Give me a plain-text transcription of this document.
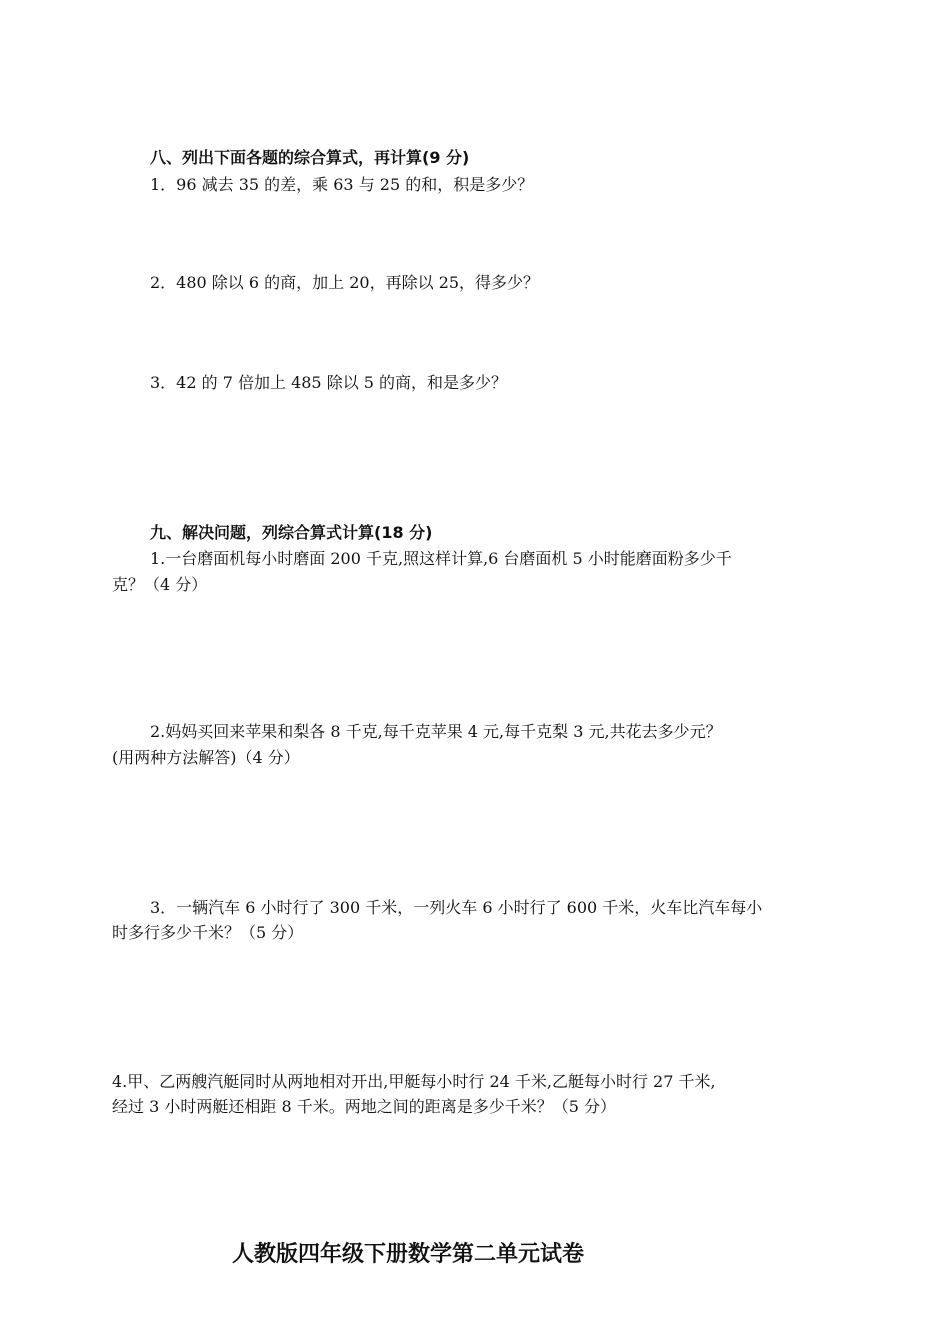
八、列出下面各题的综合算式，再计算(9 分)
1．96 减去 35 的差，乘 63 与 25 的和，积是多少？
2．480 除以 6 的商，加上 20，再除以 25，得多少？
3．42 的 7 倍加上 485 除以 5 的商，和是多少？
九、解决问题，列综合算式计算(18 分)
1.一台磨面机每小时磨面 200 千克,照这样计算,6 台磨面机 5 小时能磨面粉多少千
克？（4 分）
2.妈妈买回来苹果和梨各 8 千克,每千克苹果 4 元,每千克梨 3 元,共花去多少元？
(用两种方法解答)（4 分）
3．一辆汽车 6 小时行了 300 千米，一列火车 6 小时行了 600 千米，火车比汽车每小
时多行多少千米？（5 分）
4.甲、乙两艘汽艇同时从两地相对开出,甲艇每小时行 24 千米,乙艇每小时行 27 千米,
经过 3 小时两艇还相距 8 千米。两地之间的距离是多少千米？（5 分）
人教版四年级下册数学第二单元试卷
